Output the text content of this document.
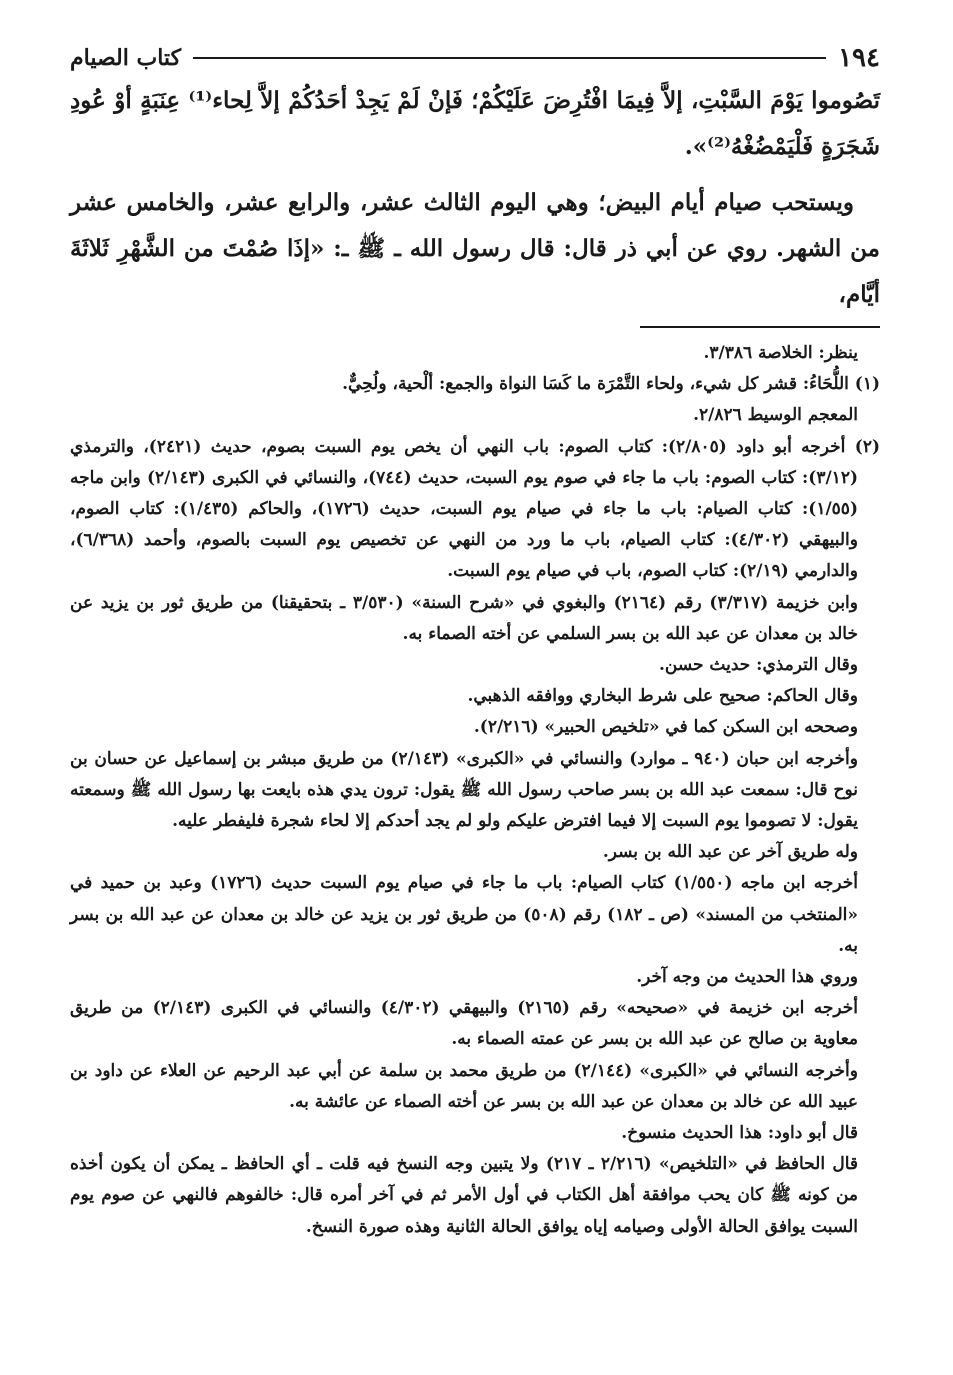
١٩٤
كتاب الصيام

تَصُوموا يَوْمَ السَّبْتِ، إلاَّ فِيمَا افْتُرِضَ عَلَيْكُمْ؛ فَإنْ لَمْ يَجِدْ أحَدُكُمْ إلاَّ لِحاء⁽¹⁾ عِنَبَةٍ أوْ عُودِ شَجَرَةٍ فَلْيَمْضُغْهُ⁽²⁾».

ويستحب صيام أيام البيض؛ وهي اليوم الثالث عشر، والرابع عشر، والخامس عشر من الشهر. روي عن أبي ذر قال: قال رسول الله ـ ﷺ ـ: «إذَا صُمْتَ من الشَّهْرِ ثَلاثَةَ أيَّام،

ينظر: الخلاصة ٣/٣٨٦.

(١) اللُّحَاءُ: قشر كل شيء، ولحاء التَّمْرَة ما كَسَا النواة والجمع: ألْحية، ولُحِيٌّ.

المعجم الوسيط ٢/٨٢٦.

(٢) أخرجه أبو داود (٢/٨٠٥): كتاب الصوم: باب النهي أن يخص يوم السبت بصوم، حديث (٢٤٢١)، والترمذي (٣/١٢): كتاب الصوم: باب ما جاء في صوم يوم السبت، حديث (٧٤٤)، والنسائي في الكبرى (٢/١٤٣) وابن ماجه (١/٥٥): كتاب الصيام: باب ما جاء في صيام يوم السبت، حديث (١٧٢٦)، والحاكم (١/٤٣٥): كتاب الصوم، والبيهقي (٤/٣٠٢): كتاب الصيام، باب ما ورد من النهي عن تخصيص يوم السبت بالصوم، وأحمد (٦/٣٦٨)، والدارمي (٢/١٩): كتاب الصوم، باب في صيام يوم السبت.

وابن خزيمة (٣/٣١٧) رقم (٢١٦٤) والبغوي في «شرح السنة» (٣/٥٣٠ ـ بتحقيقنا) من طريق ثور بن يزيد عن خالد بن معدان عن عبد الله بن بسر السلمي عن أخته الصماء به.

وقال الترمذي: حديث حسن.

وقال الحاكم: صحيح على شرط البخاري ووافقه الذهبي.

وصححه ابن السكن كما في «تلخيص الحبير» (٢/٢١٦).

وأخرجه ابن حبان (٩٤٠ ـ موارد) والنسائي في «الكبرى» (٢/١٤٣) من طريق مبشر بن إسماعيل عن حسان بن نوح قال: سمعت عبد الله بن بسر صاحب رسول الله ﷺ يقول: ترون يدي هذه بايعت بها رسول الله ﷺ وسمعته يقول: لا تصوموا يوم السبت إلا فيما افترض عليكم ولو لم يجد أحدكم إلا لحاء شجرة فليفطر عليه.

وله طريق آخر عن عبد الله بن بسر.

أخرجه ابن ماجه (١/٥٥٠) كتاب الصيام: باب ما جاء في صيام يوم السبت حديث (١٧٢٦) وعبد بن حميد في «المنتخب من المسند» (ص ـ ١٨٢) رقم (٥٠٨) من طريق ثور بن يزيد عن خالد بن معدان عن عبد الله بن بسر به.

وروي هذا الحديث من وجه آخر.

أخرجه ابن خزيمة في «صحيحه» رقم (٢١٦٥) والبيهقي (٤/٣٠٢) والنسائي في الكبرى (٢/١٤٣) من طريق معاوية بن صالح عن عبد الله بن بسر عن عمته الصماء به.

وأخرجه النسائي في «الكبرى» (٢/١٤٤) من طريق محمد بن سلمة عن أبي عبد الرحيم عن العلاء عن داود بن عبيد الله عن خالد بن معدان عن عبد الله بن بسر عن أخته الصماء عن عائشة به.

قال أبو داود: هذا الحديث منسوخ.

قال الحافظ في «التلخيص» (٢/٢١٦ ـ ٢١٧) ولا يتبين وجه النسخ فيه قلت ـ أي الحافظ ـ يمكن أن يكون أخذه من كونه ﷺ كان يحب موافقة أهل الكتاب في أول الأمر ثم في آخر أمره قال: خالفوهم فالنهي عن صوم يوم السبت يوافق الحالة الأولى وصيامه إياه يوافق الحالة الثانية وهذه صورة النسخ.
